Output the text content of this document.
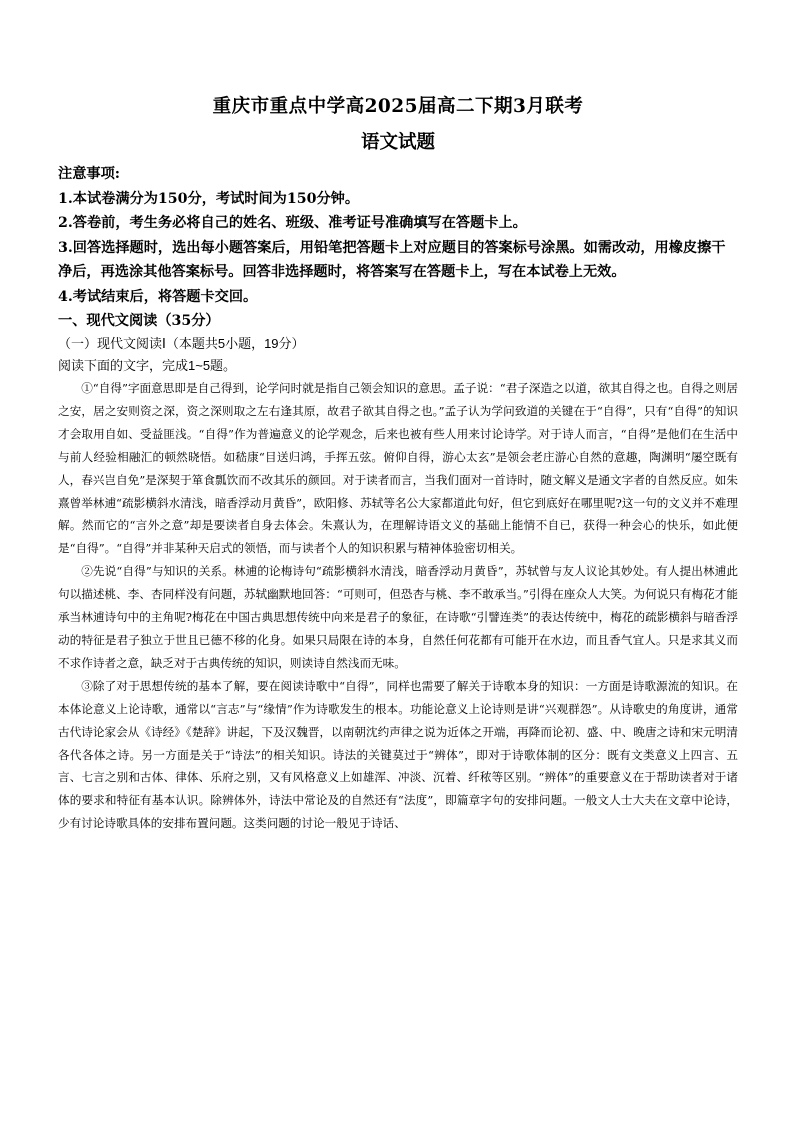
重庆市重点中学高2025届高二下期3月联考
语文试题

注意事项:

1.本试卷满分为150分，考试时间为150分钟。

2.答卷前，考生务必将自己的姓名、班级、准考证号准确填写在答题卡上。

3.回答选择题时，选出每小题答案后，用铅笔把答题卡上对应题目的答案标号涂黑。如需改动，用橡皮擦干净后，再选涂其他答案标号。回答非选择题时，将答案写在答题卡上，写在本试卷上无效。

4.考试结束后，将答题卡交回。

一、现代文阅读（35分）

（一）现代文阅读Ⅰ（本题共5小题，19分）

阅读下面的文字，完成1~5题。

①“自得”字面意思即是自己得到，论学问时就是指自己领会知识的意思。孟子说：“君子深造之以道，欲其自得之也。自得之则居之安，居之安则资之深，资之深则取之左右逢其原，故君子欲其自得之也。”孟子认为学问致道的关键在于“自得”，只有“自得”的知识才会取用自如、受益匪浅。“自得”作为普遍意义的论学观念，后来也被有些人用来讨论诗学。对于诗人而言，“自得”是他们在生活中与前人经验相融汇的顿然晓悟。如嵇康“目送归鸿，手挥五弦。俯仰自得，游心太玄”是领会老庄游心自然的意趣，陶渊明“屡空既有人，春兴岂自免”是深契于箪食瓢饮而不改其乐的颜回。对于读者而言，当我们面对一首诗时，随文解义是通文字者的自然反应。如朱熹曾举林逋“疏影横斜水清浅，暗香浮动月黄昏”，欧阳修、苏轼等名公大家都道此句好，但它到底好在哪里呢?这一句的文义并不难理解。然而它的“言外之意”却是要读者自身去体会。朱熹认为，在理解诗语文义的基础上能情不自已，获得一种会心的快乐，如此便是“自得”。“自得”并非某种天启式的领悟，而与读者个人的知识积累与精神体验密切相关。

②先说“自得”与知识的关系。林逋的论梅诗句“疏影横斜水清浅，暗香浮动月黄昏”，苏轼曾与友人议论其妙处。有人提出林逋此句以描述桃、李、杏同样没有问题，苏轼幽默地回答：“可则可，但恐杏与桃、李不敢承当。”引得在座众人大笑。为何说只有梅花才能承当林逋诗句中的主角呢?梅花在中国古典思想传统中向来是君子的象征，在诗歌“引譬连类”的表达传统中，梅花的疏影横斜与暗香浮动的特征是君子独立于世且已德不移的化身。如果只局限在诗的本身，自然任何花都有可能开在水边，而且香气宜人。只是求其义而不求作诗者之意，缺乏对于古典传统的知识，则读诗自然浅而无味。

③除了对于思想传统的基本了解，要在阅读诗歌中“自得”，同样也需要了解关于诗歌本身的知识：一方面是诗歌源流的知识。在本体论意义上论诗歌，通常以“言志”与“缘情”作为诗歌发生的根本。功能论意义上论诗则是讲“兴观群怨”。从诗歌史的角度讲，通常古代诗论家会从《诗经》《楚辞》讲起，下及汉魏晋，以南朝沈约声律之说为近体之开端，再降而论初、盛、中、晚唐之诗和宋元明清各代各体之诗。另一方面是关于“诗法”的相关知识。诗法的关键莫过于“辨体”，即对于诗歌体制的区分：既有文类意义上四言、五言、七言之别和古体、律体、乐府之别，又有风格意义上如雄浑、冲淡、沉着、纤秾等区别。“辨体”的重要意义在于帮助读者对于诸体的要求和特征有基本认识。除辨体外，诗法中常论及的自然还有“法度”，即篇章字句的安排问题。一般文人士大夫在文章中论诗，少有讨论诗歌具体的安排布置问题。这类问题的讨论一般见于诗话、
